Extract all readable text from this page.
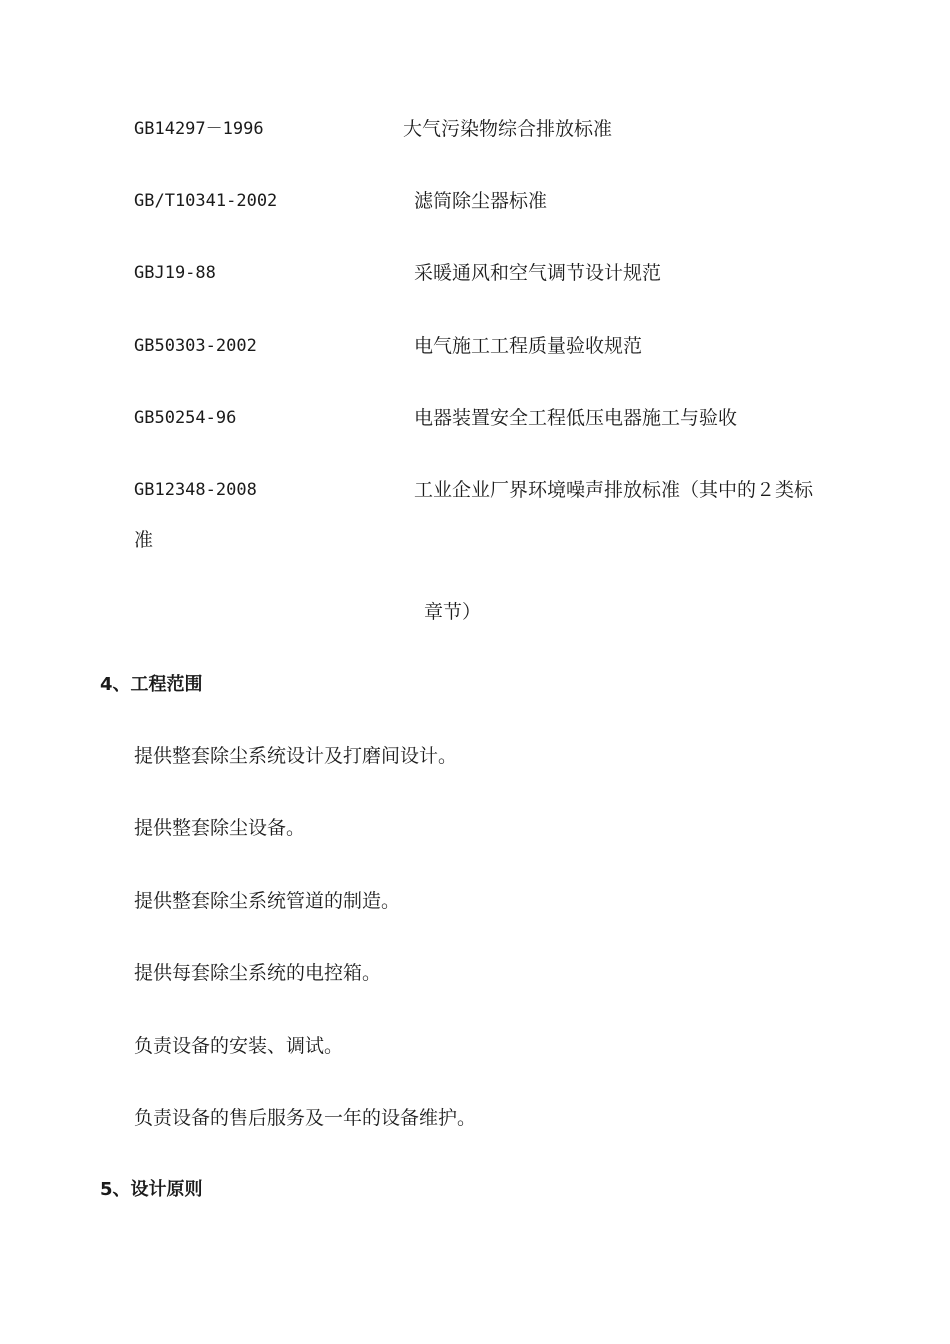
GB14297－1996	大气污染物综合排放标准
GB/T10341-2002	滤筒除尘器标准
GBJ19-88	采暖通风和空气调节设计规范
GB50303-2002	电气施工工程质量验收规范
GB50254-96	电器装置安全工程低压电器施工与验收
GB12348-2008	工业企业厂界环境噪声排放标准（其中的２类标
准
章节）
4、工程范围
提供整套除尘系统设计及打磨间设计。
提供整套除尘设备。
提供整套除尘系统管道的制造。
提供每套除尘系统的电控箱。
负责设备的安装、调试。
负责设备的售后服务及一年的设备维护。
5、设计原则
